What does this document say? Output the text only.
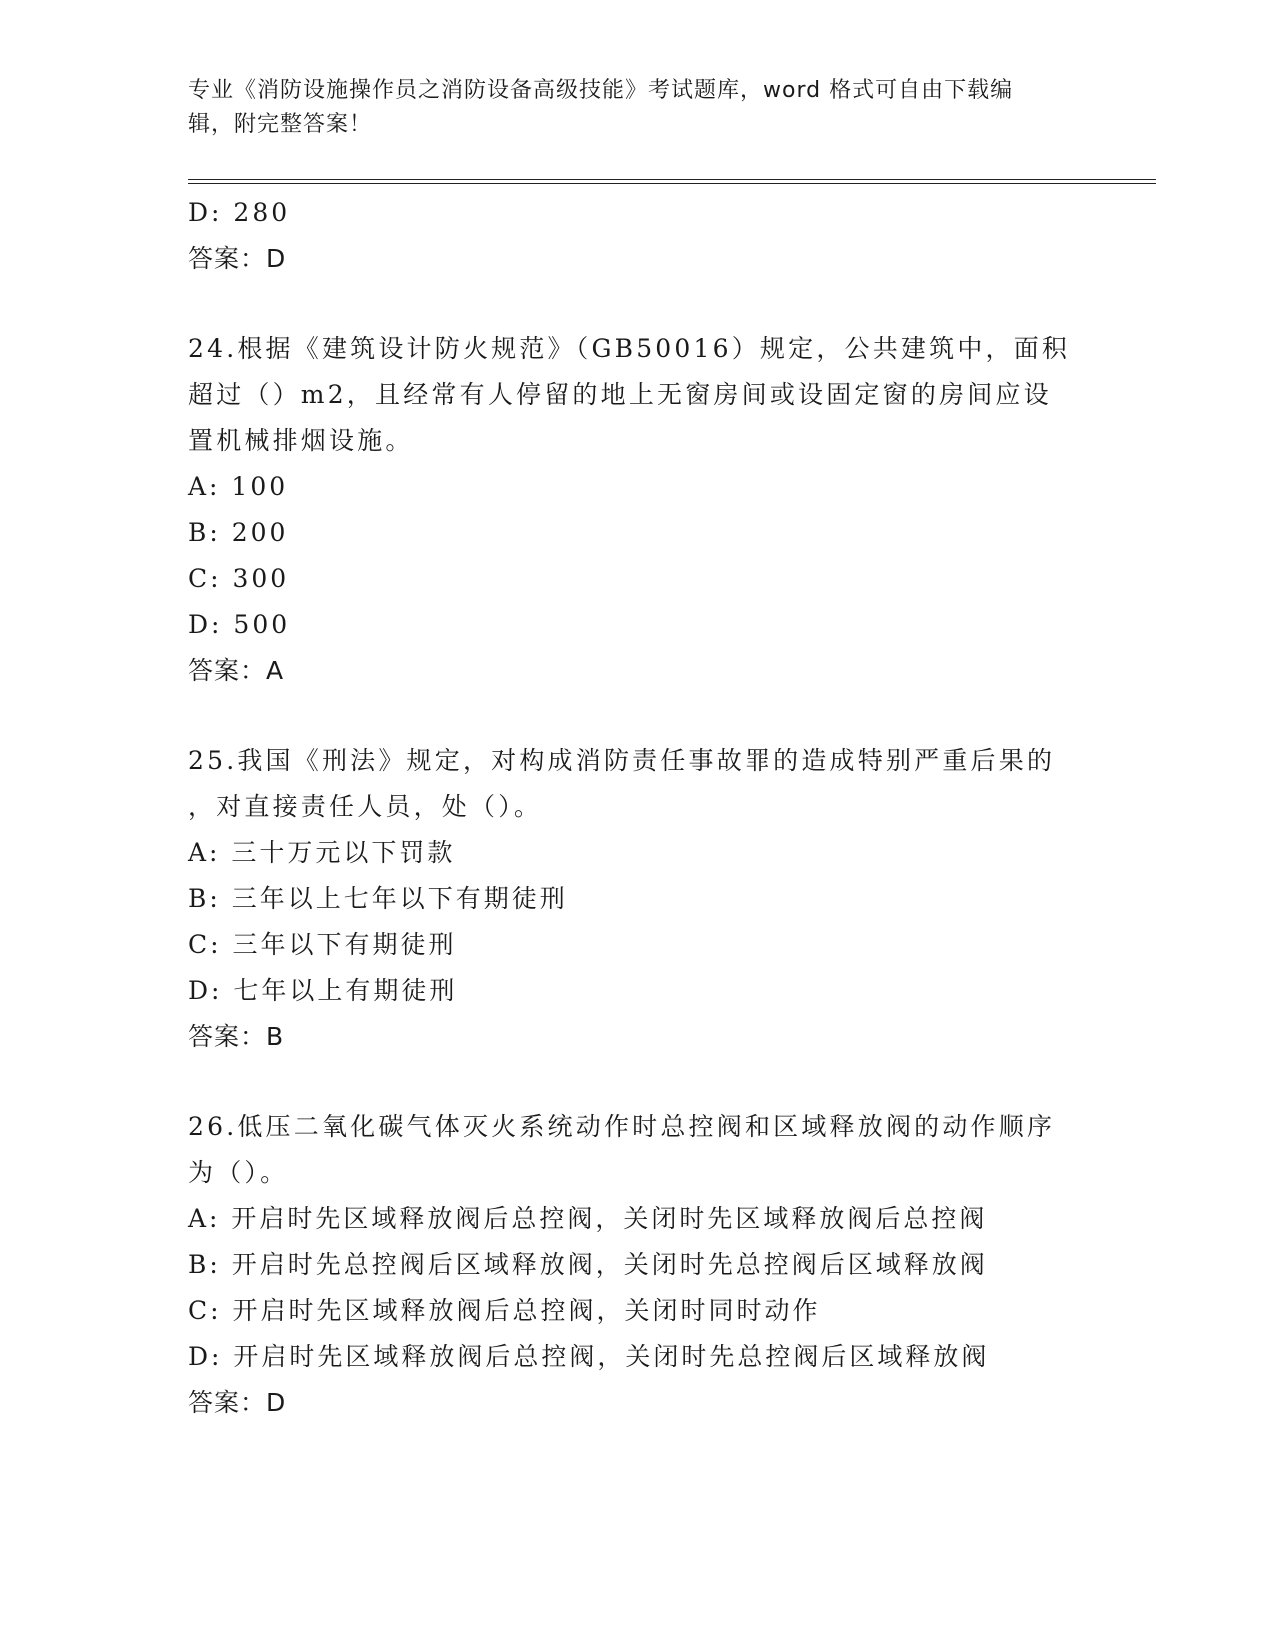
专业《消防设施操作员之消防设备高级技能》考试题库，word 格式可自由下载编
辑，附完整答案！
D: 280
答案：D
24.根据《建筑设计防火规范》（GB50016）规定，公共建筑中，面积
超过（）m2，且经常有人停留的地上无窗房间或设固定窗的房间应设
置机械排烟设施。
A: 100
B: 200
C: 300
D: 500
答案：A
25.我国《刑法》规定，对构成消防责任事故罪的造成特别严重后果的
，对直接责任人员，处（）。
A: 三十万元以下罚款
B: 三年以上七年以下有期徒刑
C: 三年以下有期徒刑
D: 七年以上有期徒刑
答案：B
26.低压二氧化碳气体灭火系统动作时总控阀和区域释放阀的动作顺序
为（）。
A: 开启时先区域释放阀后总控阀，关闭时先区域释放阀后总控阀
B: 开启时先总控阀后区域释放阀，关闭时先总控阀后区域释放阀
C: 开启时先区域释放阀后总控阀，关闭时同时动作
D: 开启时先区域释放阀后总控阀，关闭时先总控阀后区域释放阀
答案：D
